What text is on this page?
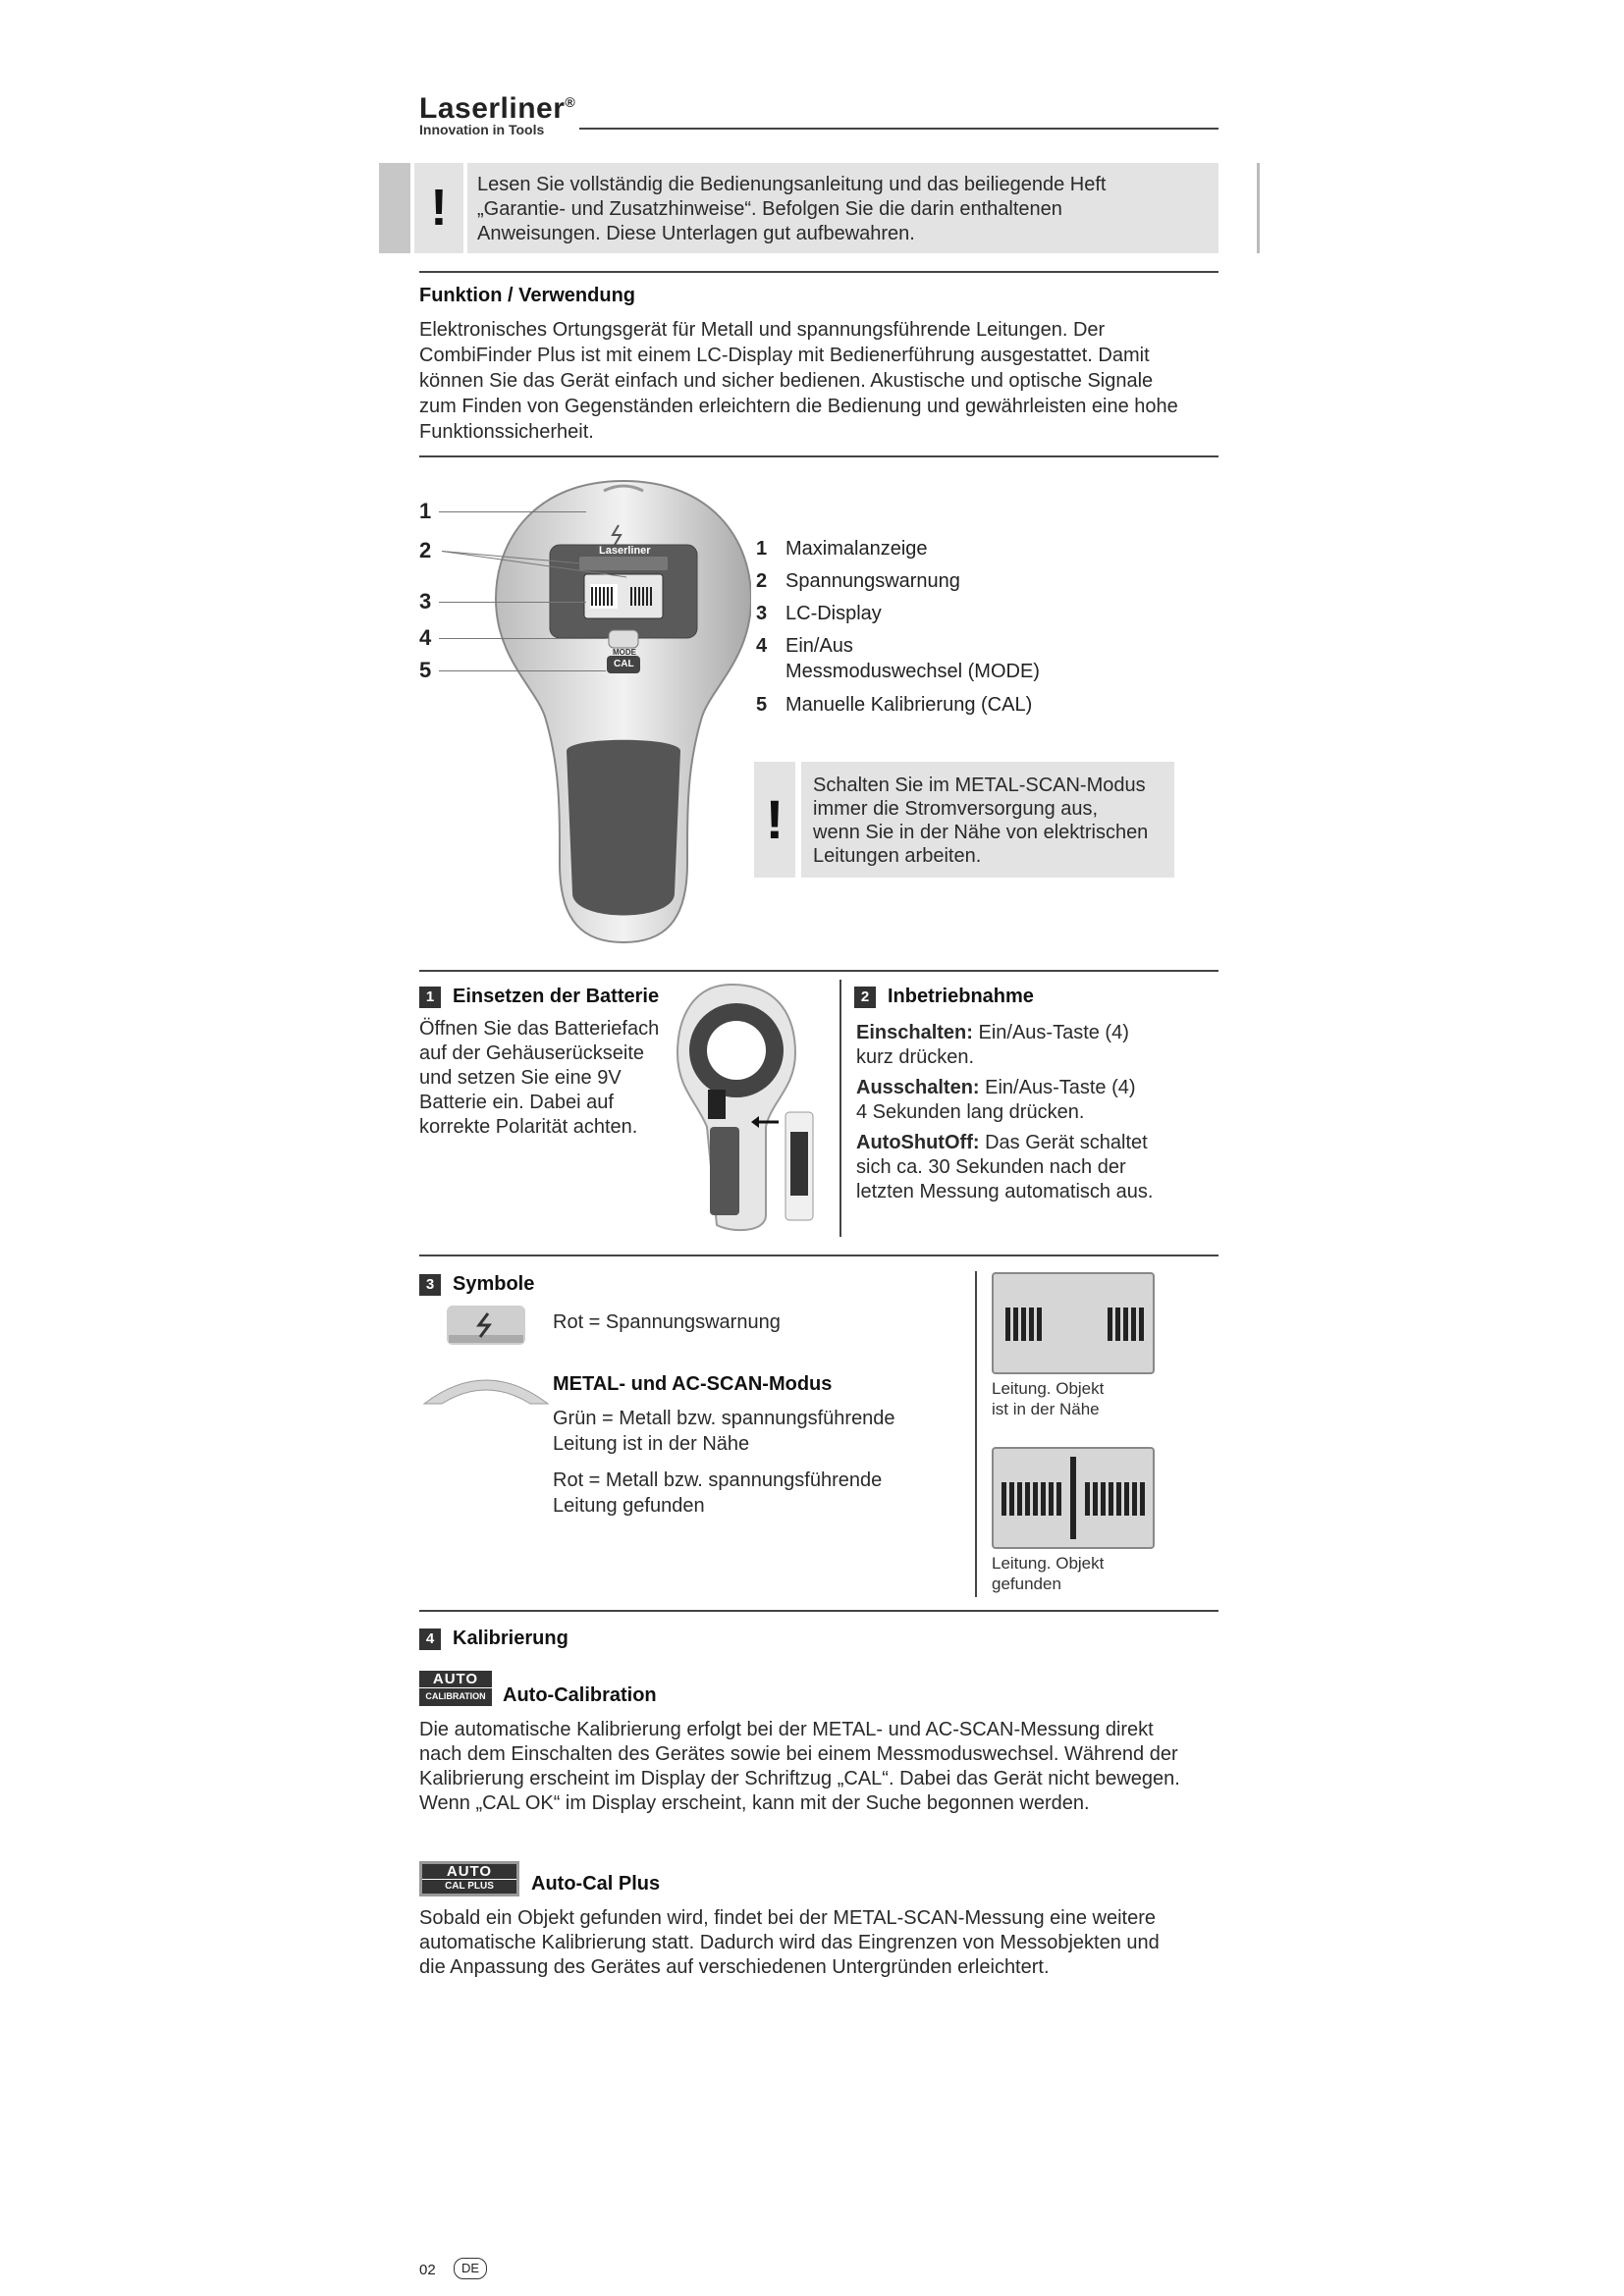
Laserliner®
Innovation in Tools
!	Lesen Sie vollständig die Bedienungsanleitung und das beiliegende Heft
„Garantie- und Zusatzhinweise“. Befolgen Sie die darin enthaltenen
Anweisungen. Diese Unterlagen gut aufbewahren.
Funktion / Verwendung
Elektronisches Ortungsgerät für Metall und spannungsführende Leitungen. Der
CombiFinder Plus ist mit einem LC-Display mit Bedienerführung ausgestattet. Damit
können Sie das Gerät einfach und sicher bedienen. Akustische und optische Signale
zum Finden von Gegenständen erleichtern die Bedienung und gewährleisten eine hohe
Funktionssicherheit.
Laserliner
MODE
CAL
1
2
3
4
5
1 Maximalanzeige
2 Spannungswarnung
3 LC-Display
4 Ein/Aus
Messmoduswechsel (MODE)
5 Manuelle Kalibrierung (CAL)
!
Schalten Sie im METAL-SCAN-Modus
immer die Stromversorgung aus,
wenn Sie in der Nähe von elektrischen
Leitungen arbeiten.
1 Einsetzen der Batterie
Öffnen Sie das Batteriefach
auf der Gehäuserückseite
und setzen Sie eine 9V
Batterie ein. Dabei auf
korrekte Polarität achten.
2 Inbetriebnahme
Einschalten: Ein/Aus-Taste (4)
kurz drücken.
Ausschalten: Ein/Aus-Taste (4)
4 Sekunden lang drücken.
AutoShutOff: Das Gerät schaltet
sich ca. 30 Sekunden nach der
letzten Messung automatisch aus.
3 Symbole
Rot = Spannungswarnung
METAL- und AC-SCAN-Modus
Grün = Metall bzw. spannungsführende
Leitung ist in der Nähe
Rot = Metall bzw. spannungsführende
Leitung gefunden
Leitung. Objekt
ist in der Nähe
Leitung. Objekt
gefunden
4 Kalibrierung
AUTO
CALIBRATION Auto-Calibration
Die automatische Kalibrierung erfolgt bei der METAL- und AC-SCAN-Messung direkt
nach dem Einschalten des Gerätes sowie bei einem Messmoduswechsel. Während der
Kalibrierung erscheint im Display der Schriftzug „CAL“. Dabei das Gerät nicht bewegen.
Wenn „CAL OK“ im Display erscheint, kann mit der Suche begonnen werden.
AUTO
CAL PLUS	Auto-Cal Plus
Sobald ein Objekt gefunden wird, findet bei der METAL-SCAN-Messung eine weitere
automatische Kalibrierung statt. Dadurch wird das Eingrenzen von Messobjekten und
die Anpassung des Gerätes auf verschiedenen Untergründen erleichtert.
02	DE
